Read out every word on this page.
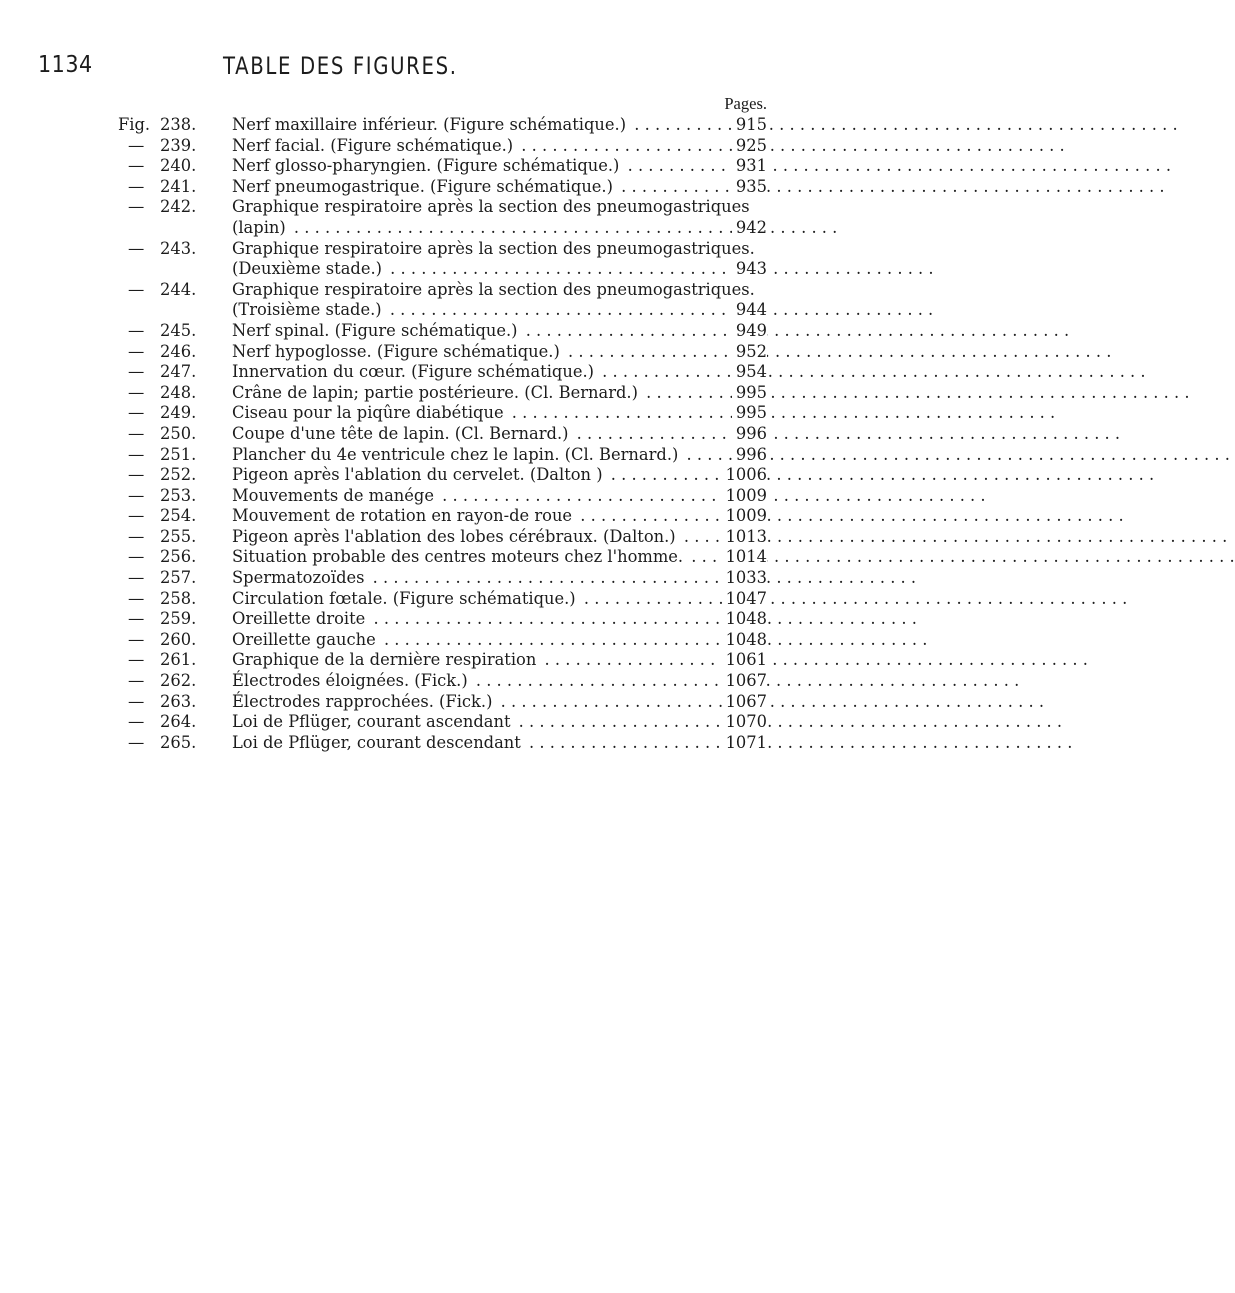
1134	TABLE DES FIGURES.
Pages.
Fig. 238. Nerf maxillaire inférieur. (Figure schématique.) . . .	915
— 239. Nerf facial. (Figure schématique.) . . .	925
— 240. Nerf glosso-pharyngien. (Figure schématique.) . . .	931
— 241. Nerf pneumogastrique. (Figure schématique.) . . .	935
— 242. Graphique respiratoire après la section des pneumogastriques
(lapin) . . .	942
— 243. Graphique respiratoire après la section des pneumogastriques.
(Deuxième stade.) . . .	943
— 244. Graphique respiratoire après la section des pneumogastriques.
(Troisième stade.) . . .	944
— 245. Nerf spinal. (Figure schématique.) . . .	949
— 246. Nerf hypoglosse. (Figure schématique.) . . .	952
— 247. Innervation du cœur. (Figure schématique.) . . .	954
— 248. Crâne de lapin; partie postérieure. (Cl. Bernard.) . . .	995
— 249. Ciseau pour la piqûre diabétique . . .	995
— 250. Coupe d'une tête de lapin. (Cl. Bernard.) . . .	996
— 251. Plancher du 4e ventricule chez le lapin. (Cl. Bernard.) . . .	996
— 252. Pigeon après l'ablation du cervelet. (Dalton ) . . .	1006
— 253. Mouvements de manége . . .	1009
— 254. Mouvement de rotation en rayon-de roue . . .	1009
— 255. Pigeon après l'ablation des lobes cérébraux. (Dalton.) . . .	1013
— 256. Situation probable des centres moteurs chez l'homme. . . .	1014
— 257. Spermatozoïdes . . .	1033
— 258. Circulation fœtale. (Figure schématique.) . . .	1047
— 259. Oreillette droite . . .	1048
— 260. Oreillette gauche . . .	1048
— 261. Graphique de la dernière respiration . . .	1061
— 262. Électrodes éloignées. (Fick.) . . .	1067
— 263. Électrodes rapprochées. (Fick.) . . .	1067
— 264. Loi de Pflüger, courant ascendant . . .	1070
— 265. Loi de Pflüger, courant descendant . . .	1071
